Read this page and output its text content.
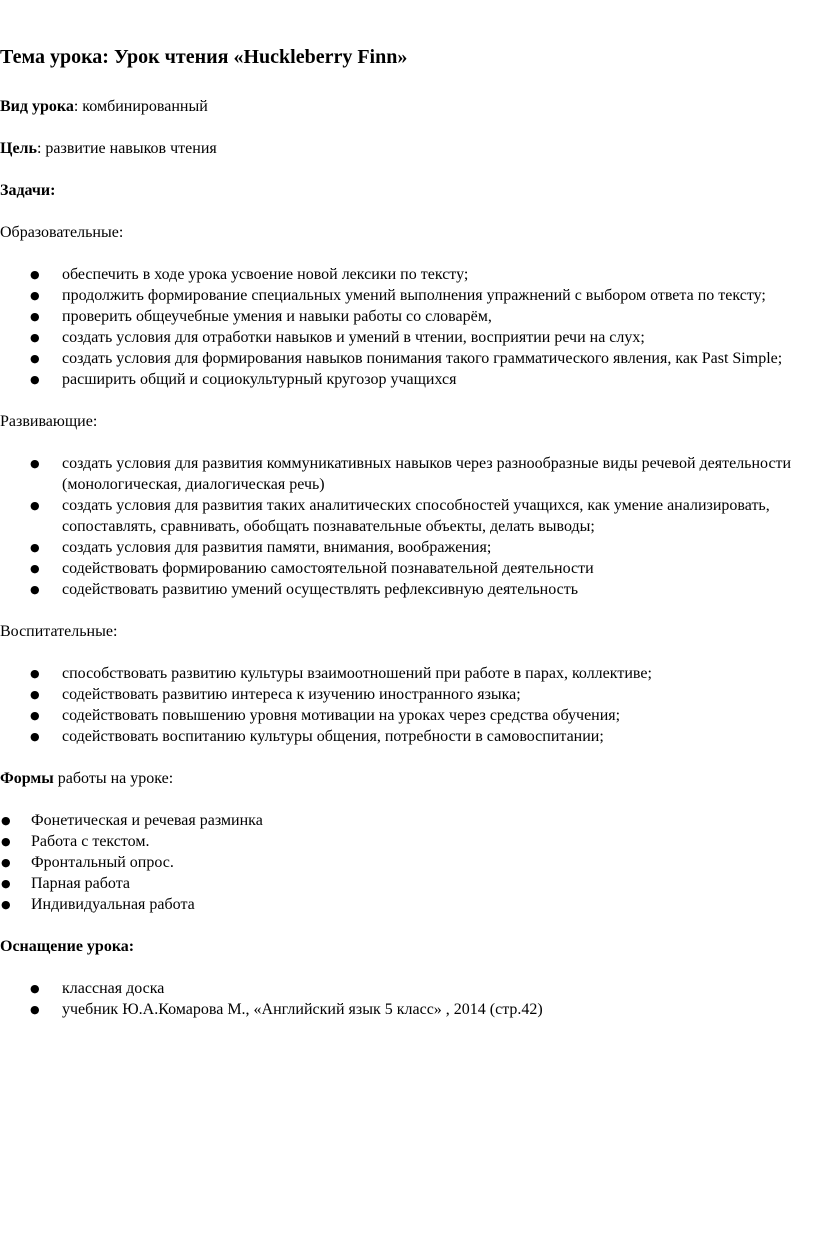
Тема урока: Урок чтения «Huckleberry Finn»

Вид урока: комбинированный

Цель: развитие навыков чтения

Задачи:

Образовательные:

● обеспечить в ходе урока усвоение новой лексики по тексту;
● продолжить формирование специальных умений выполнения упражнений с выбором ответа по тексту;
● проверить общеучебные умения и навыки работы со словарём,
● создать условия для отработки навыков и умений в чтении, восприятии речи на слух;
● создать условия для формирования навыков понимания такого грамматического явления, как Past Simple;
● расширить общий и социокультурный кругозор учащихся

Развивающие:

● создать условия для развития коммуникативных навыков через разнообразные виды речевой деятельности (монологическая, диалогическая речь)
● создать условия для развития таких аналитических способностей учащихся, как умение анализировать, сопоставлять, сравнивать, обобщать познавательные объекты, делать выводы;
● создать условия для развития памяти, внимания, воображения;
● содействовать формированию самостоятельной познавательной деятельности
● содействовать развитию умений осуществлять рефлексивную деятельность

Воспитательные:

● способствовать развитию культуры взаимоотношений при работе в парах, коллективе;
● содействовать развитию интереса к изучению иностранного языка;
● содействовать повышению уровня мотивации на уроках через средства обучения;
● содействовать воспитанию культуры общения, потребности в самовоспитании;

Формы работы на уроке:

● Фонетическая и речевая разминка
● Работа с текстом.
● Фронтальный опрос.
● Парная работа
● Индивидуальная работа

Оснащение урока:

● классная доска
● учебник Ю.А.Комарова М., «Английский язык 5 класс» , 2014 (стр.42)
